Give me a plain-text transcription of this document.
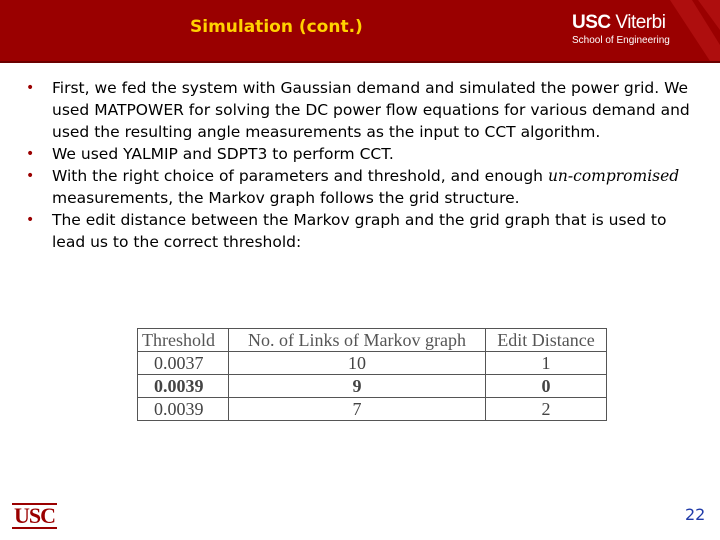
Simulation (cont.)	USC Viterbi
School of Engineering
• First, we fed the system with Gaussian demand and simulated the power grid. We used MATPOWER for solving the DC power flow equations for various demand and used the resulting angle measurements as the input to CCT algorithm.
• We used YALMIP and SDPT3 to perform CCT.
• With the right choice of parameters and threshold, and enough un-compromised measurements, the Markov graph follows the grid structure.
• The edit distance between the Markov graph and the grid graph that is used to lead us to the correct threshold:
Threshold	No. of Links of Markov graph	Edit Distance
0.0037	10	1
0.0039	9	0
0.0039	7	2
USC	22
